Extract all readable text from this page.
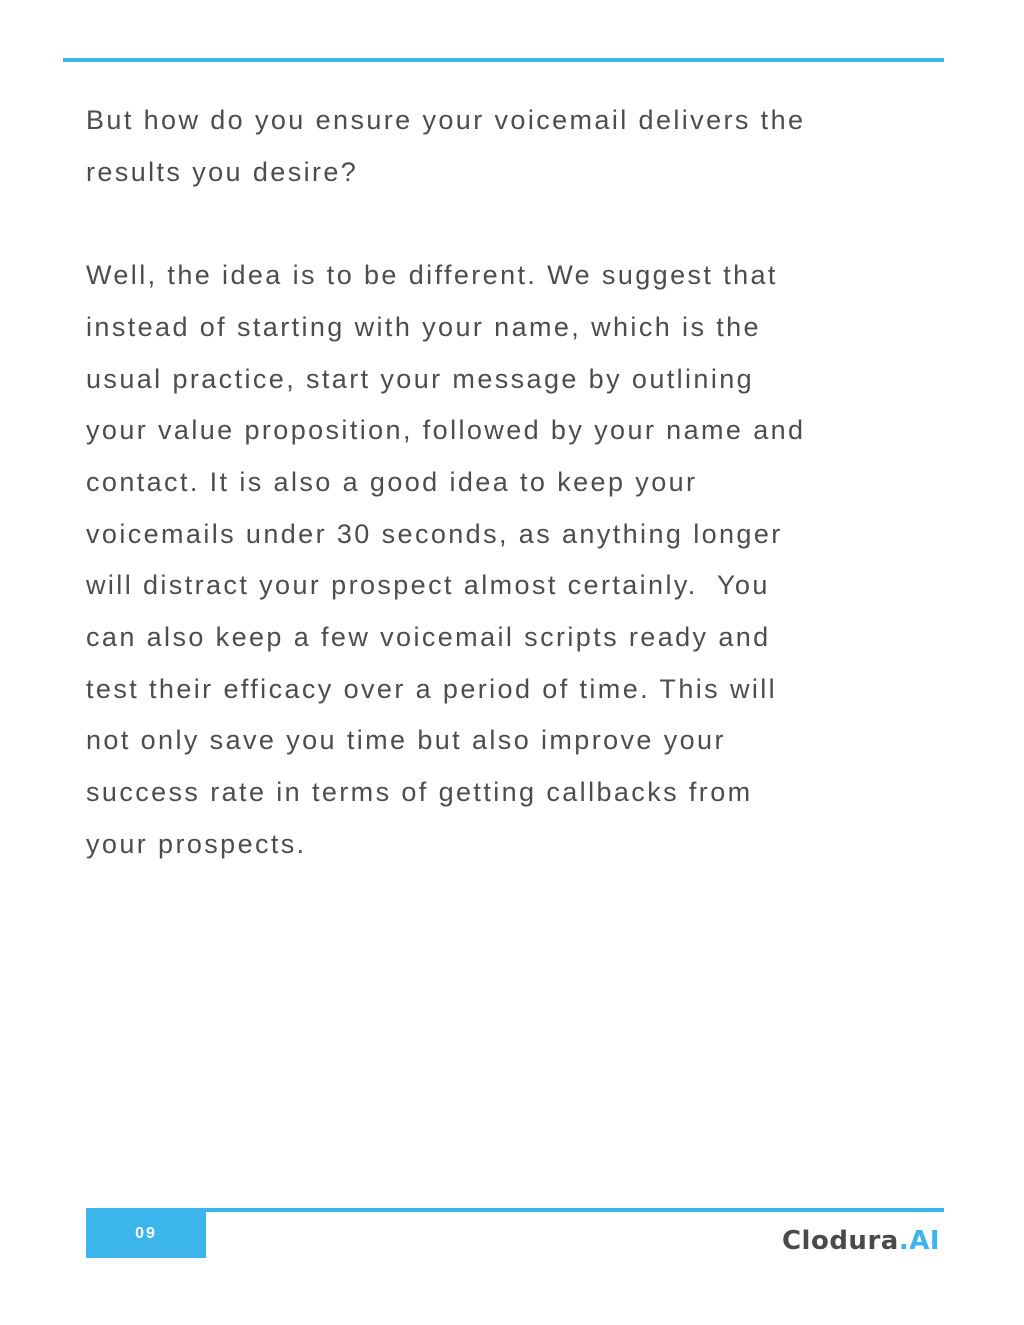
But how do you ensure your voicemail delivers the
results you desire?
Well, the idea is to be different. We suggest that
instead of starting with your name, which is the
usual practice, start your message by outlining
your value proposition, followed by your name and
contact. It is also a good idea to keep your
voicemails under 30 seconds, as anything longer
will distract your prospect almost certainly.  You
can also keep a few voicemail scripts ready and
test their efficacy over a period of time. This will
not only save you time but also improve your
success rate in terms of getting callbacks from
your prospects.
09	Clodura.AI
